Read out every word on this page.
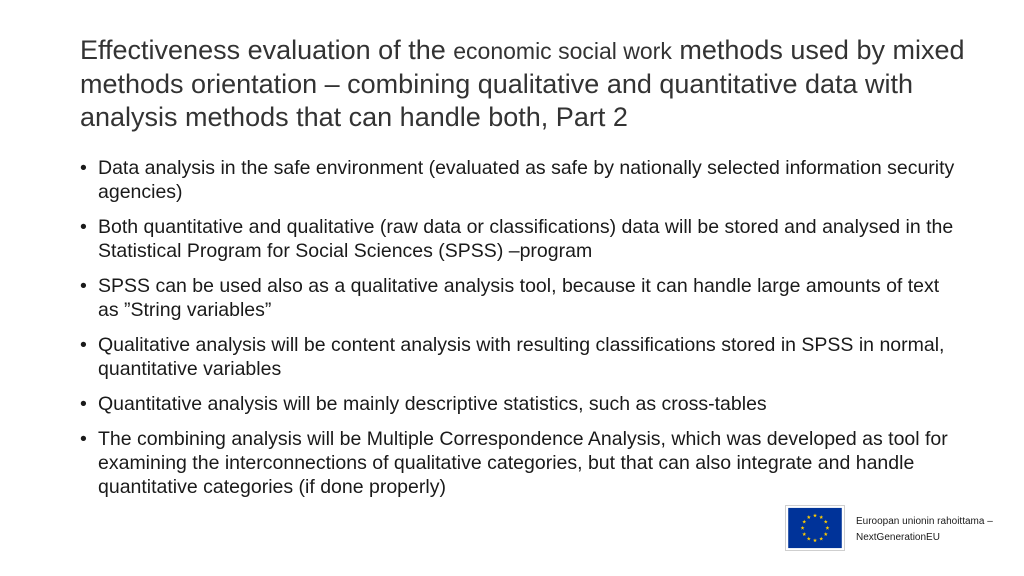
Effectiveness evaluation of the economic social work methods used by mixed methods orientation – combining qualitative and quantitative data with analysis methods that can handle both, Part 2
• Data analysis in the safe environment (evaluated as safe by nationally selected information security agencies)
• Both quantitative and qualitative (raw data or classifications) data will be stored and analysed in the Statistical Program for Social Sciences (SPSS) –program
• SPSS can be used also as a qualitative analysis tool, because it can handle large amounts of text as ”String variables”
• Qualitative analysis will be content analysis with resulting classifications stored in SPSS in normal, quantitative variables
• Quantitative analysis will be mainly descriptive statistics, such as cross-tables
• The combining analysis will be Multiple Correspondence Analysis, which was developed as tool for examining the interconnections of qualitative categories, but that can also integrate and handle quantitative categories (if done properly)
Euroopan unionin rahoittama –
NextGenerationEU
